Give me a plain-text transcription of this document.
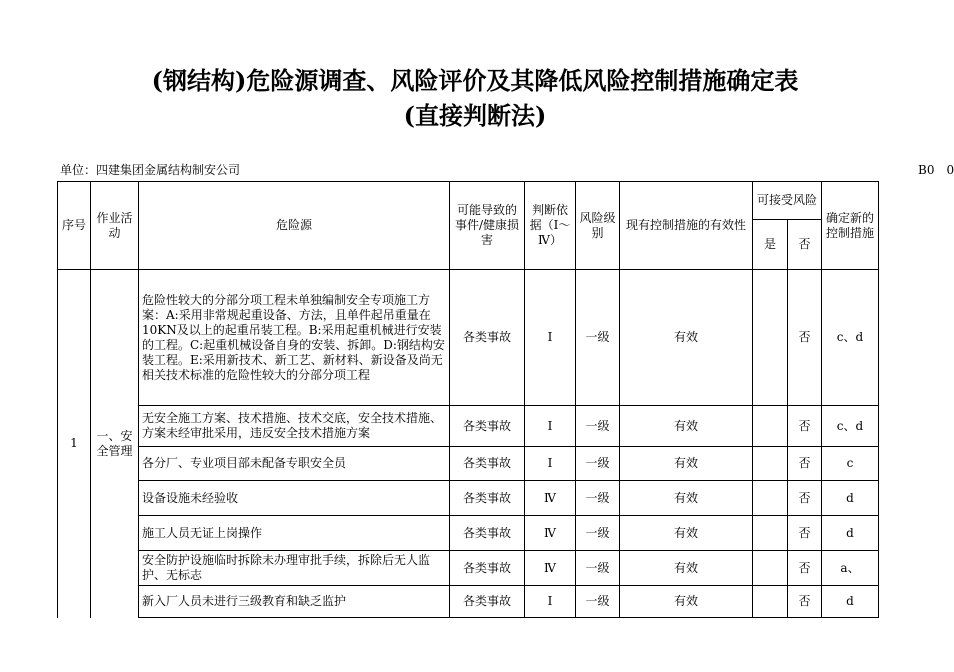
(钢结构)危险源调查、风险评价及其降低风险控制措施确定表
(直接判断法)
单位：四建集团金属结构制安公司	B0　0
序号	作业活动	危险源	可能导致的事件/健康损害	判断依据（Ⅰ～Ⅳ）	风险级别	现有控制措施的有效性	可接受风险		确定新的控制措施
							是	否	
1	一、安全管理	危险性较大的分部分项工程未单独编制安全专项施工方案：A:采用非常规起重设备、方法，且单件起吊重量在10KN及以上的起重吊装工程。B:采用起重机械进行安装的工程。C:起重机械设备自身的安装、拆卸。D:钢结构安装工程。E:采用新技术、新工艺、新材料、新设备及尚无相关技术标准的危险性较大的分部分项工程	各类事故	Ⅰ	一级	有效		否	c、d
		无安全施工方案、技术措施、技术交底，安全技术措施、方案未经审批采用，违反安全技术措施方案	各类事故	Ⅰ	一级	有效		否	c、d
		各分厂、专业项目部未配备专职安全员	各类事故	Ⅰ	一级	有效		否	c
		设备设施未经验收	各类事故	Ⅳ	一级	有效		否	d
		施工人员无证上岗操作	各类事故	Ⅳ	一级	有效		否	d
		安全防护设施临时拆除未办理审批手续，拆除后无人监护、无标志	各类事故	Ⅳ	一级	有效		否	a、
		新入厂人员未进行三级教育和缺乏监护	各类事故	Ⅰ	一级	有效		否	d
